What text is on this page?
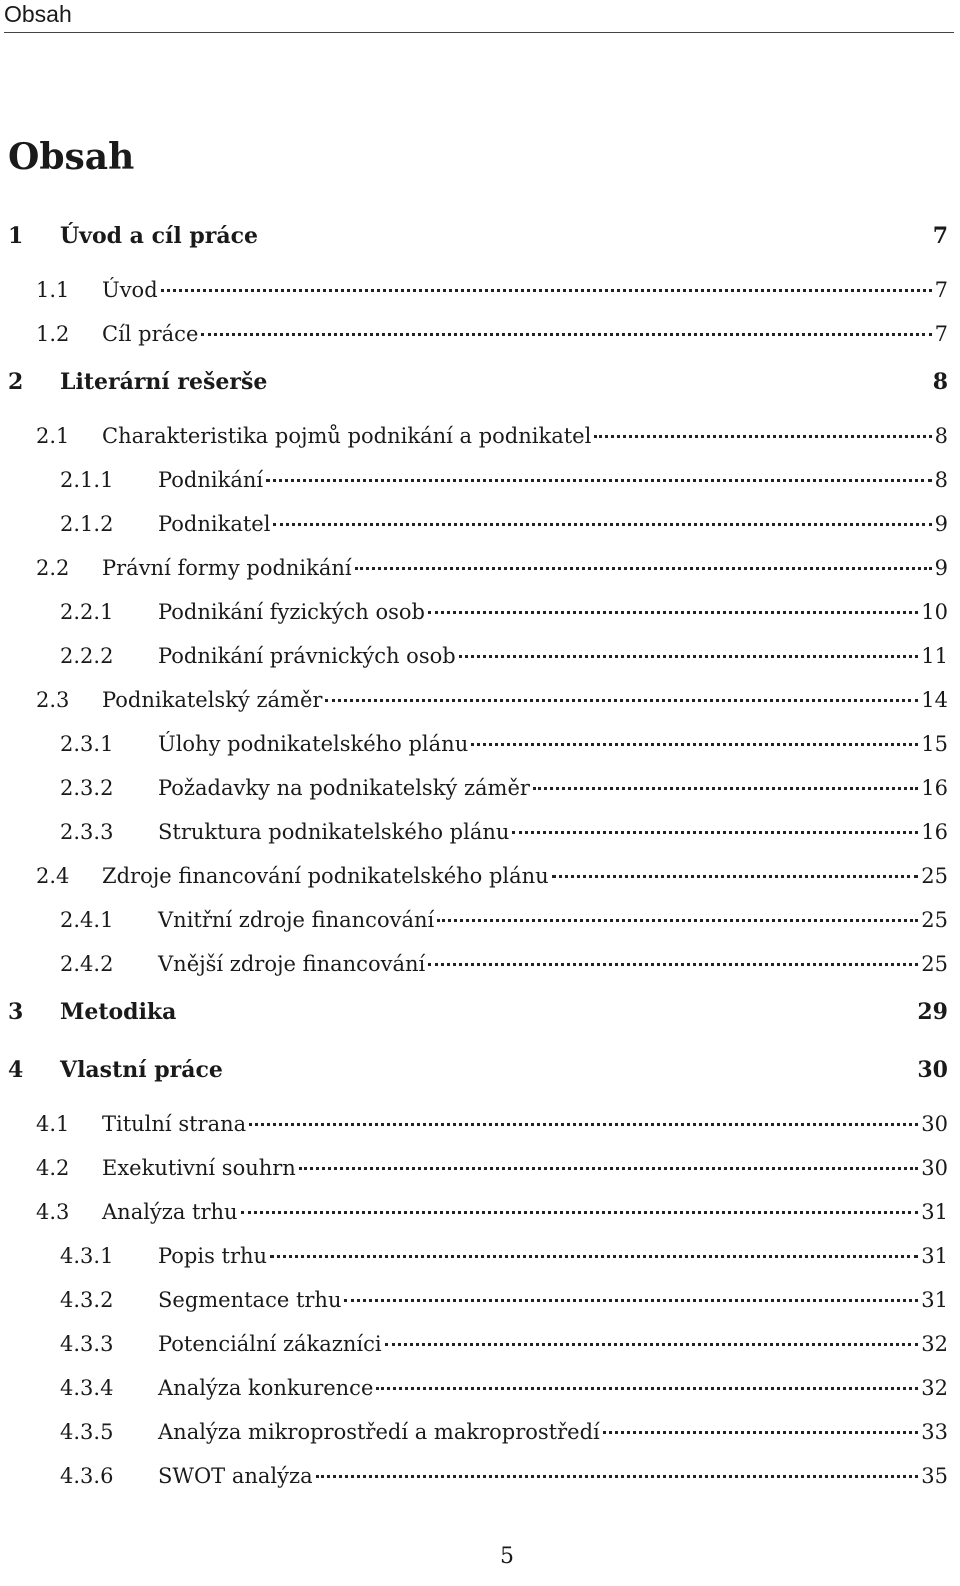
Obsah
Obsah
1	Úvod a cíl práce	7
1.1	Úvod	7
1.2	Cíl práce	7
2	Literární rešerše	8
2.1	Charakteristika pojmů podnikání a podnikatel	8
2.1.1	Podnikání	8
2.1.2	Podnikatel	9
2.2	Právní formy podnikání	9
2.2.1	Podnikání fyzických osob	10
2.2.2	Podnikání právnických osob	11
2.3	Podnikatelský záměr	14
2.3.1	Úlohy podnikatelského plánu	15
2.3.2	Požadavky na podnikatelský záměr	16
2.3.3	Struktura podnikatelského plánu	16
2.4	Zdroje financování podnikatelského plánu	25
2.4.1	Vnitřní zdroje financování	25
2.4.2	Vnější zdroje financování	25
3	Metodika	29
4	Vlastní práce	30
4.1	Titulní strana	30
4.2	Exekutivní souhrn	30
4.3	Analýza trhu	31
4.3.1	Popis trhu	31
4.3.2	Segmentace trhu	31
4.3.3	Potenciální zákazníci	32
4.3.4	Analýza konkurence	32
4.3.5	Analýza mikroprostředí a makroprostředí	33
4.3.6	SWOT analýza	35
5
